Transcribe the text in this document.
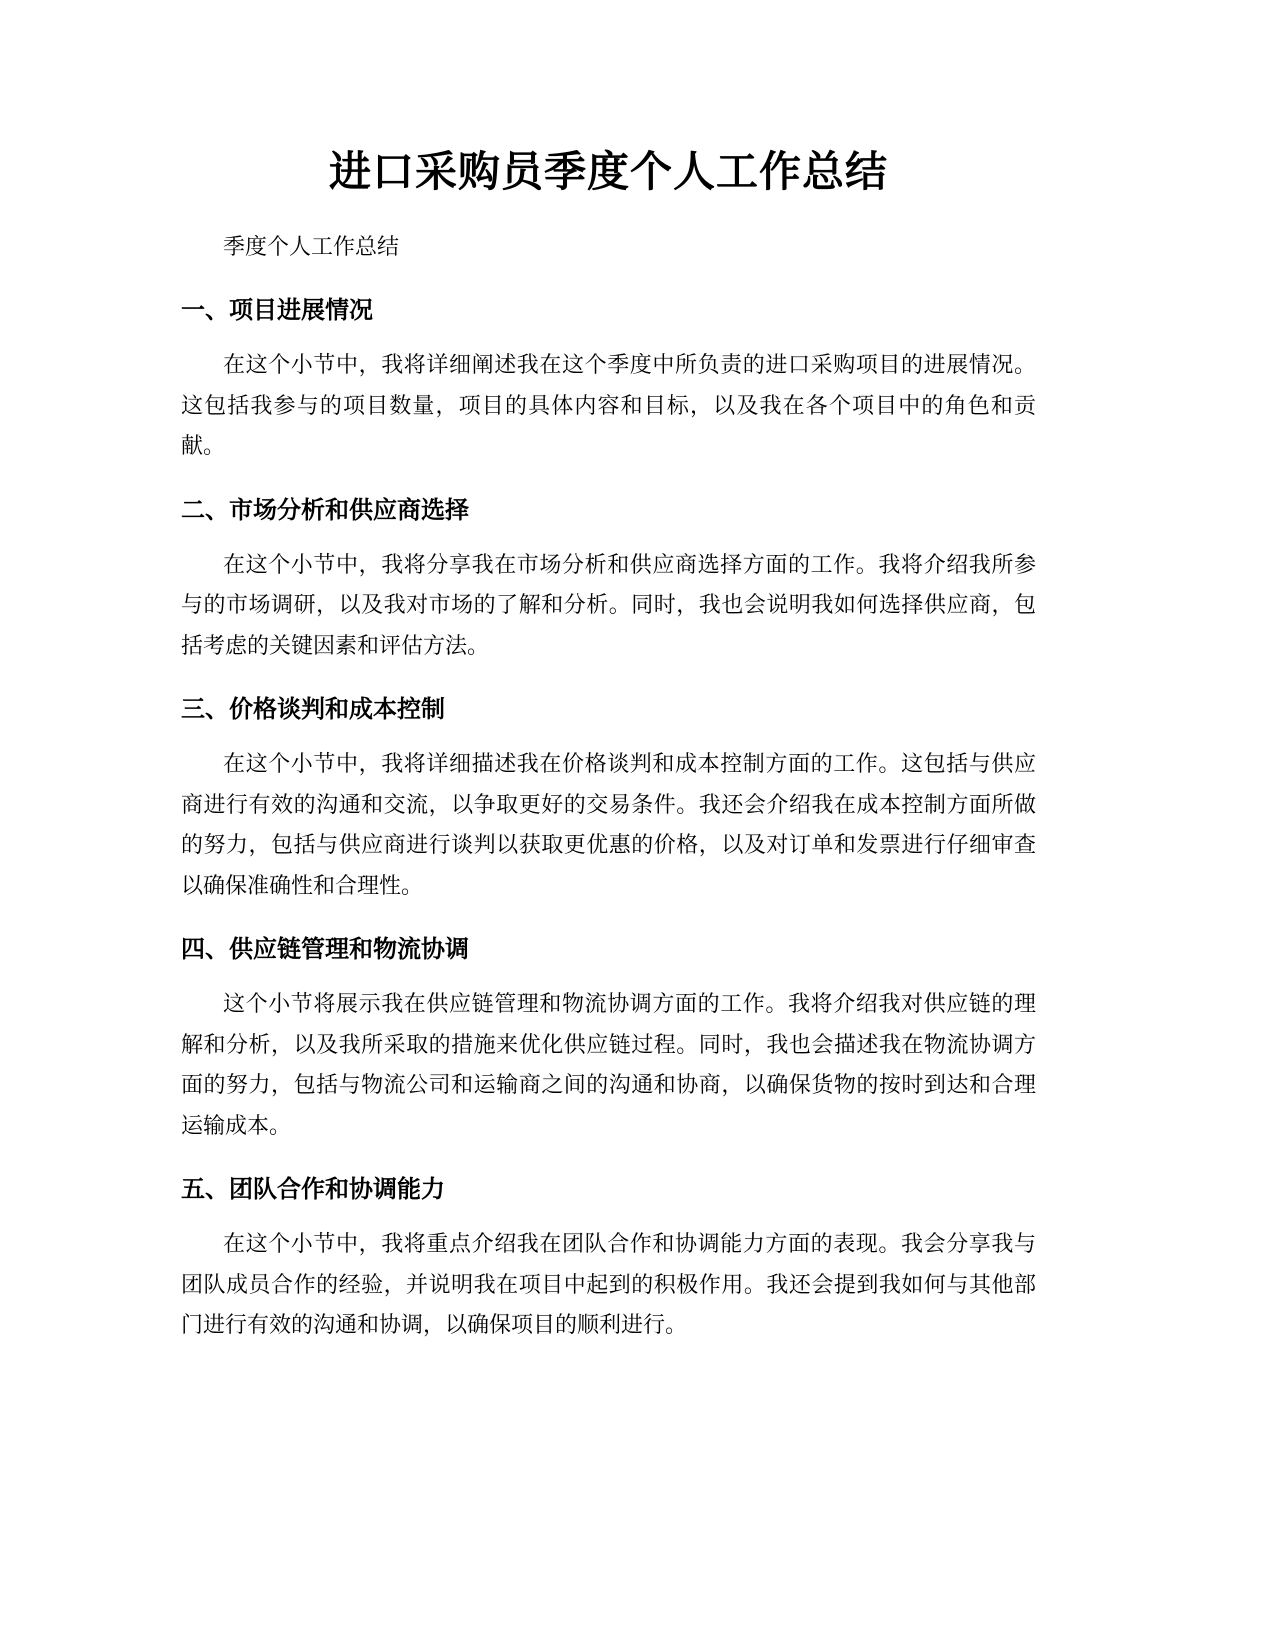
进口采购员季度个人工作总结

季度个人工作总结

一、项目进展情况

在这个小节中，我将详细阐述我在这个季度中所负责的进口采购项目的进展情况。这包括我参与的项目数量，项目的具体内容和目标，以及我在各个项目中的角色和贡献。

二、市场分析和供应商选择

在这个小节中，我将分享我在市场分析和供应商选择方面的工作。我将介绍我所参与的市场调研，以及我对市场的了解和分析。同时，我也会说明我如何选择供应商，包括考虑的关键因素和评估方法。

三、价格谈判和成本控制

在这个小节中，我将详细描述我在价格谈判和成本控制方面的工作。这包括与供应商进行有效的沟通和交流，以争取更好的交易条件。我还会介绍我在成本控制方面所做的努力，包括与供应商进行谈判以获取更优惠的价格，以及对订单和发票进行仔细审查以确保准确性和合理性。

四、供应链管理和物流协调

这个小节将展示我在供应链管理和物流协调方面的工作。我将介绍我对供应链的理解和分析，以及我所采取的措施来优化供应链过程。同时，我也会描述我在物流协调方面的努力，包括与物流公司和运输商之间的沟通和协商，以确保货物的按时到达和合理运输成本。

五、团队合作和协调能力

在这个小节中，我将重点介绍我在团队合作和协调能力方面的表现。我会分享我与团队成员合作的经验，并说明我在项目中起到的积极作用。我还会提到我如何与其他部门进行有效的沟通和协调，以确保项目的顺利进行。
